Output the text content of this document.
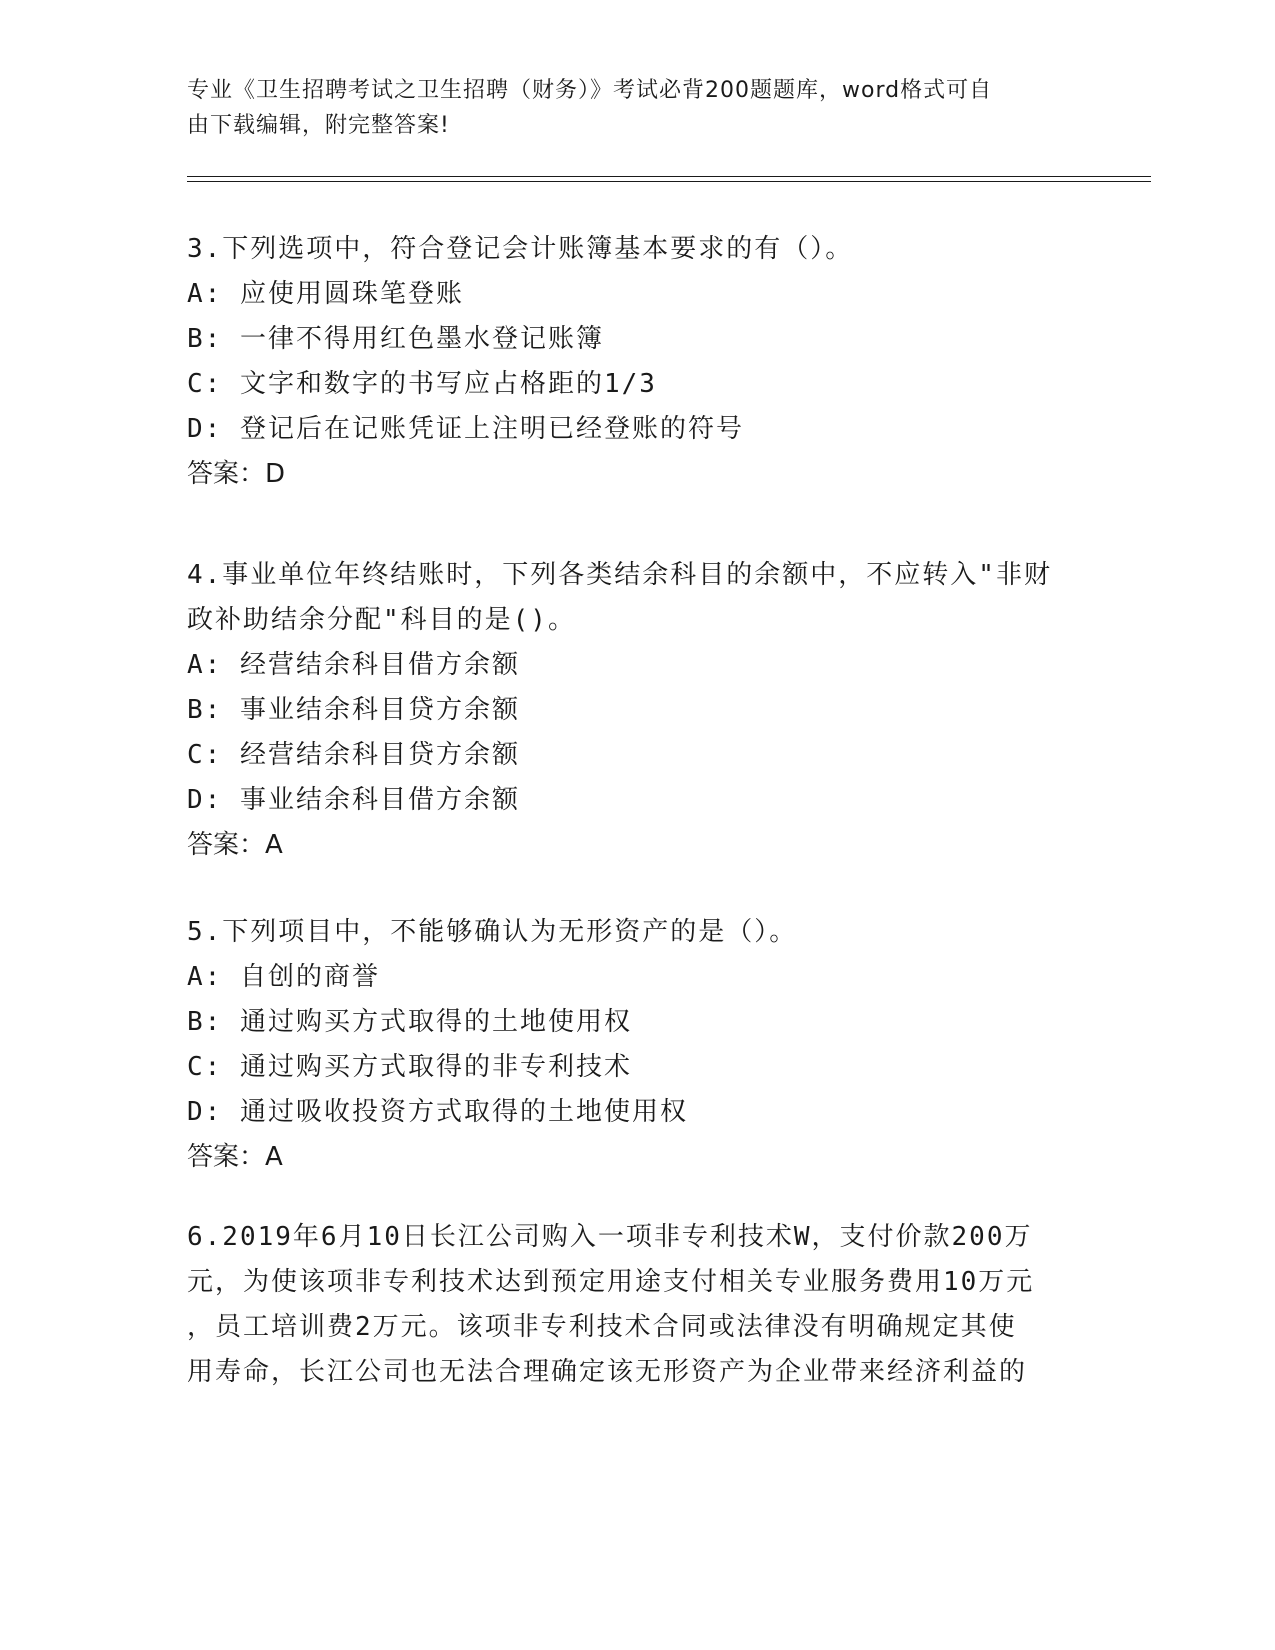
专业《卫生招聘考试之卫生招聘（财务）》考试必背200题题库，word格式可自
由下载编辑，附完整答案!

3.下列选项中，符合登记会计账簿基本要求的有（）。

A: 应使用圆珠笔登账

B: 一律不得用红色墨水登记账簿

C: 文字和数字的书写应占格距的1/3

D: 登记后在记账凭证上注明已经登账的符号

答案：D

4.事业单位年终结账时，下列各类结余科目的余额中，不应转入"非财

政补助结余分配"科目的是()。

A: 经营结余科目借方余额

B: 事业结余科目贷方余额

C: 经营结余科目贷方余额

D: 事业结余科目借方余额

答案：A

5.下列项目中，不能够确认为无形资产的是（）。

A: 自创的商誉

B: 通过购买方式取得的土地使用权

C: 通过购买方式取得的非专利技术

D: 通过吸收投资方式取得的土地使用权

答案：A

6.2019年6月10日长江公司购入一项非专利技术W，支付价款200万

元，为使该项非专利技术达到预定用途支付相关专业服务费用10万元

，员工培训费2万元。该项非专利技术合同或法律没有明确规定其使

用寿命，长江公司也无法合理确定该无形资产为企业带来经济利益的
